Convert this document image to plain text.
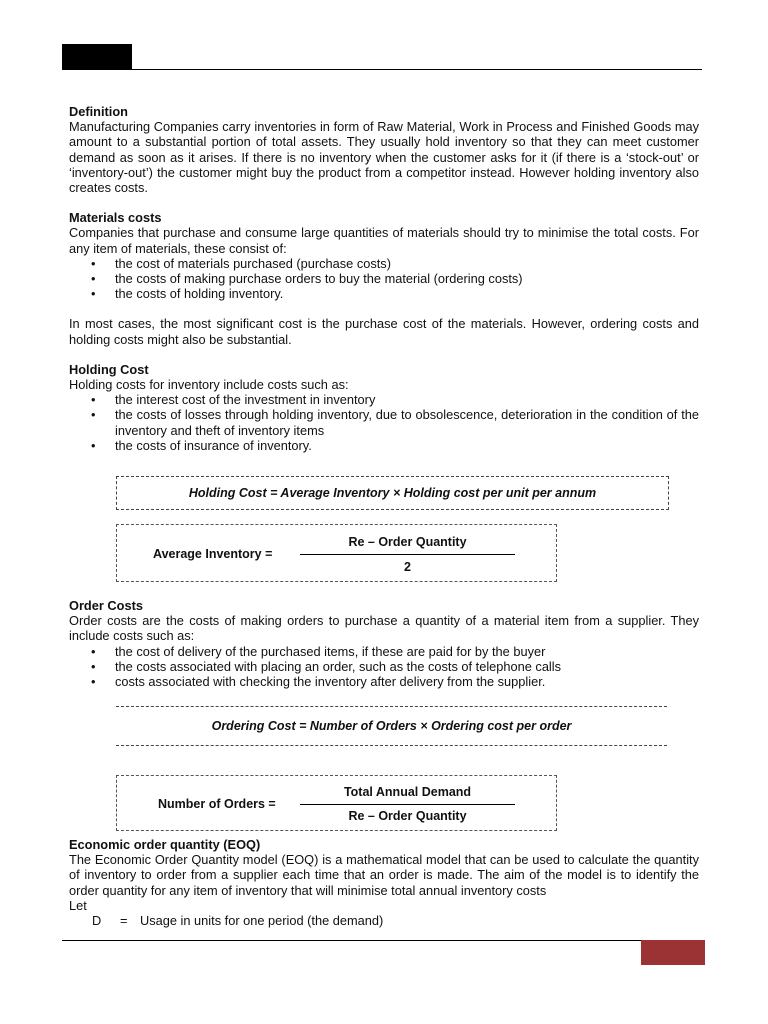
Definition

Manufacturing Companies carry inventories in form of Raw Material, Work in Process and Finished Goods may amount to a substantial portion of total assets. They usually hold inventory so that they can meet customer demand as soon as it arises. If there is no inventory when the customer asks for it (if there is a ‘stock-out’ or ‘inventory-out’) the customer might buy the product from a competitor instead. However holding inventory also creates costs.

Materials costs

Companies that purchase and consume large quantities of materials should try to minimise the total costs. For any item of materials, these consist of:

• the cost of materials purchased (purchase costs)
• the costs of making purchase orders to buy the material (ordering costs)
• the costs of holding inventory.

In most cases, the most significant cost is the purchase cost of the materials. However, ordering costs and holding costs might also be substantial.

Holding Cost

Holding costs for inventory include costs such as:

• the interest cost of the investment in inventory
• the costs of losses through holding inventory, due to obsolescence, deterioration in the condition of the inventory and theft of inventory items
• the costs of insurance of inventory.
Holding Cost = Average Inventory × Holding cost per unit per annum
Average Inventory =
Re – Order Quantity
2
Order Costs

Order costs are the costs of making orders to purchase a quantity of a material item from a supplier. They include costs such as:

• the cost of delivery of the purchased items, if these are paid for by the buyer
• the costs associated with placing an order, such as the costs of telephone calls
• costs associated with checking the inventory after delivery from the supplier.
Ordering Cost = Number of Orders × Ordering cost per order
Number of Orders =
Total Annual Demand
Re – Order Quantity
Economic order quantity (EOQ)

The Economic Order Quantity model (EOQ) is a mathematical model that can be used to calculate the quantity of inventory to order from a supplier each time that an order is made. The aim of the model is to identify the order quantity for any item of inventory that will minimise total annual inventory costs

Let

D	= Usage in units for one period (the demand)
